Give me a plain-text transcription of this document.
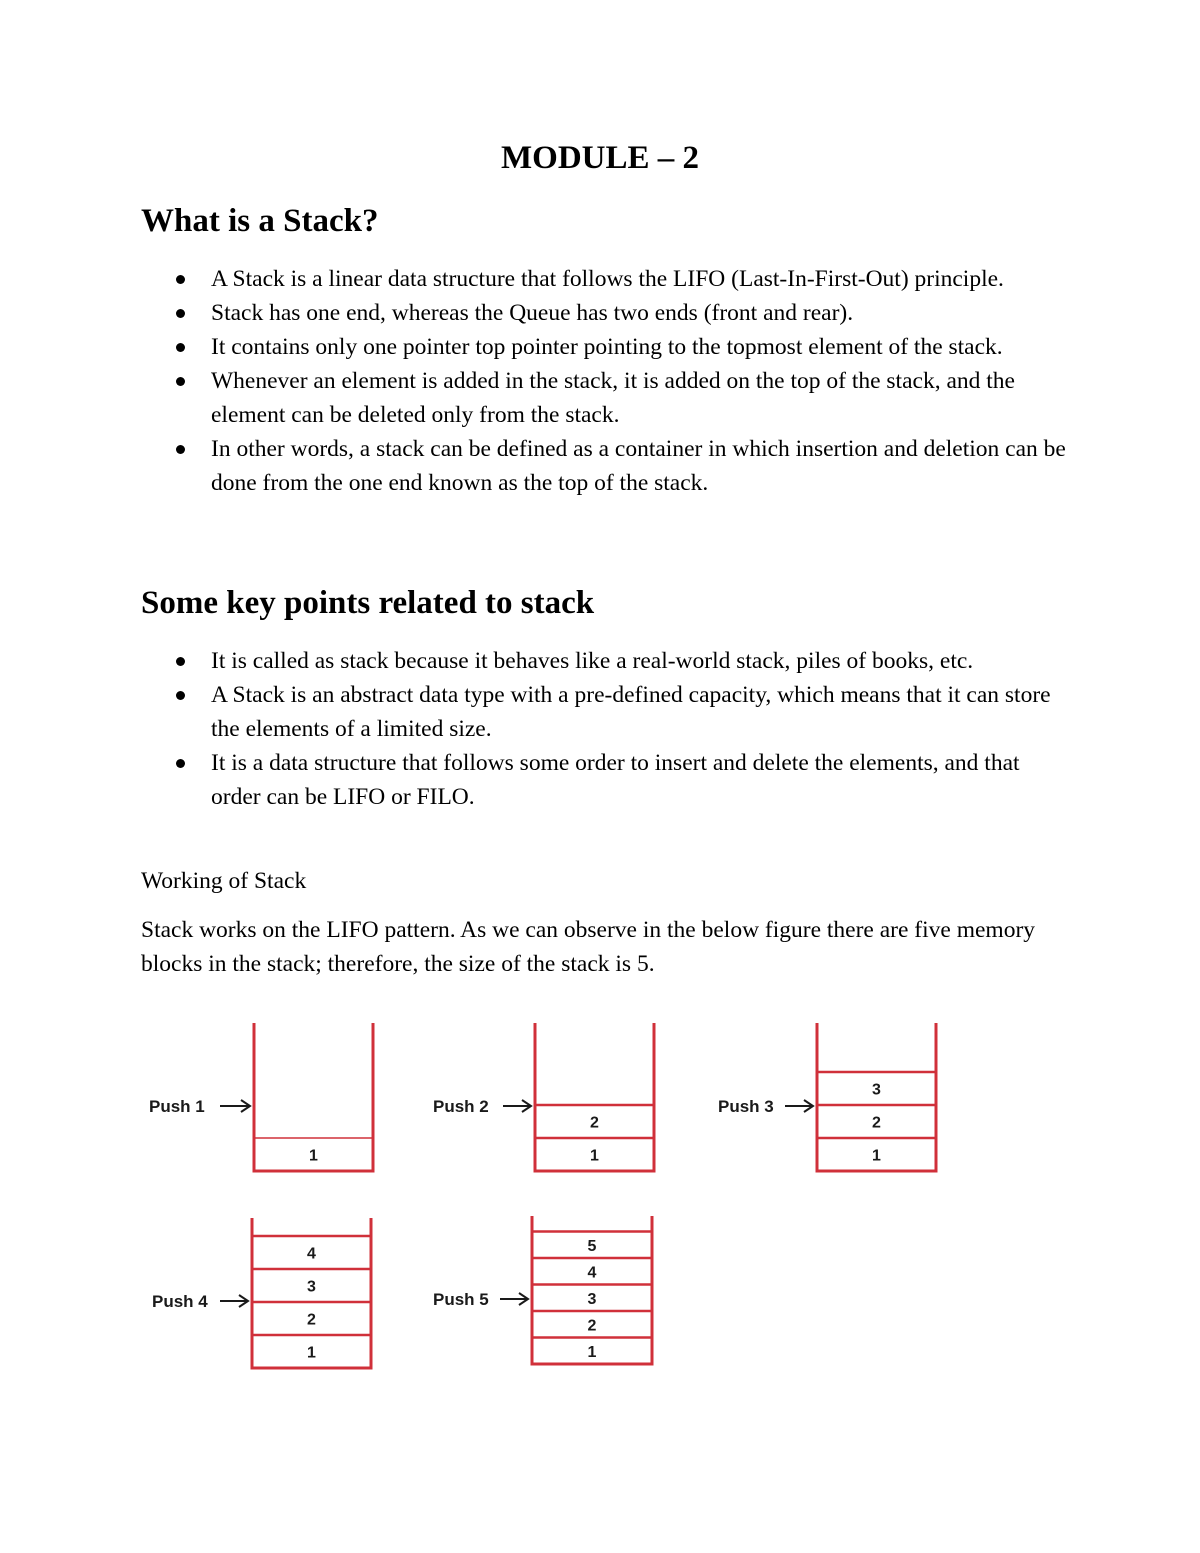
MODULE – 2
What is a Stack?
A Stack is a linear data structure that follows the LIFO (Last-In-First-Out) principle.
Stack has one end, whereas the Queue has two ends (front and rear).
It contains only one pointer top pointer pointing to the topmost element of the stack.
Whenever an element is added in the stack, it is added on the top of the stack, and the element can be deleted only from the stack.
In other words, a stack can be defined as a container in which insertion and deletion can be done from the one end known as the top of the stack.
Some key points related to stack
It is called as stack because it behaves like a real-world stack, piles of books, etc.
A Stack is an abstract data type with a pre-defined capacity, which means that it can store the elements of a limited size.
It is a data structure that follows some order to insert and delete the elements, and that order can be LIFO or FILO.

Working of Stack

Stack works on the LIFO pattern. As we can observe in the below figure there are five memory blocks in the stack; therefore, the size of the stack is 5.

1
Push 1
1
2
Push 2
1
2
3
Push 3
1
2
3
4
Push 4
1
2
3
4
5
Push 5
